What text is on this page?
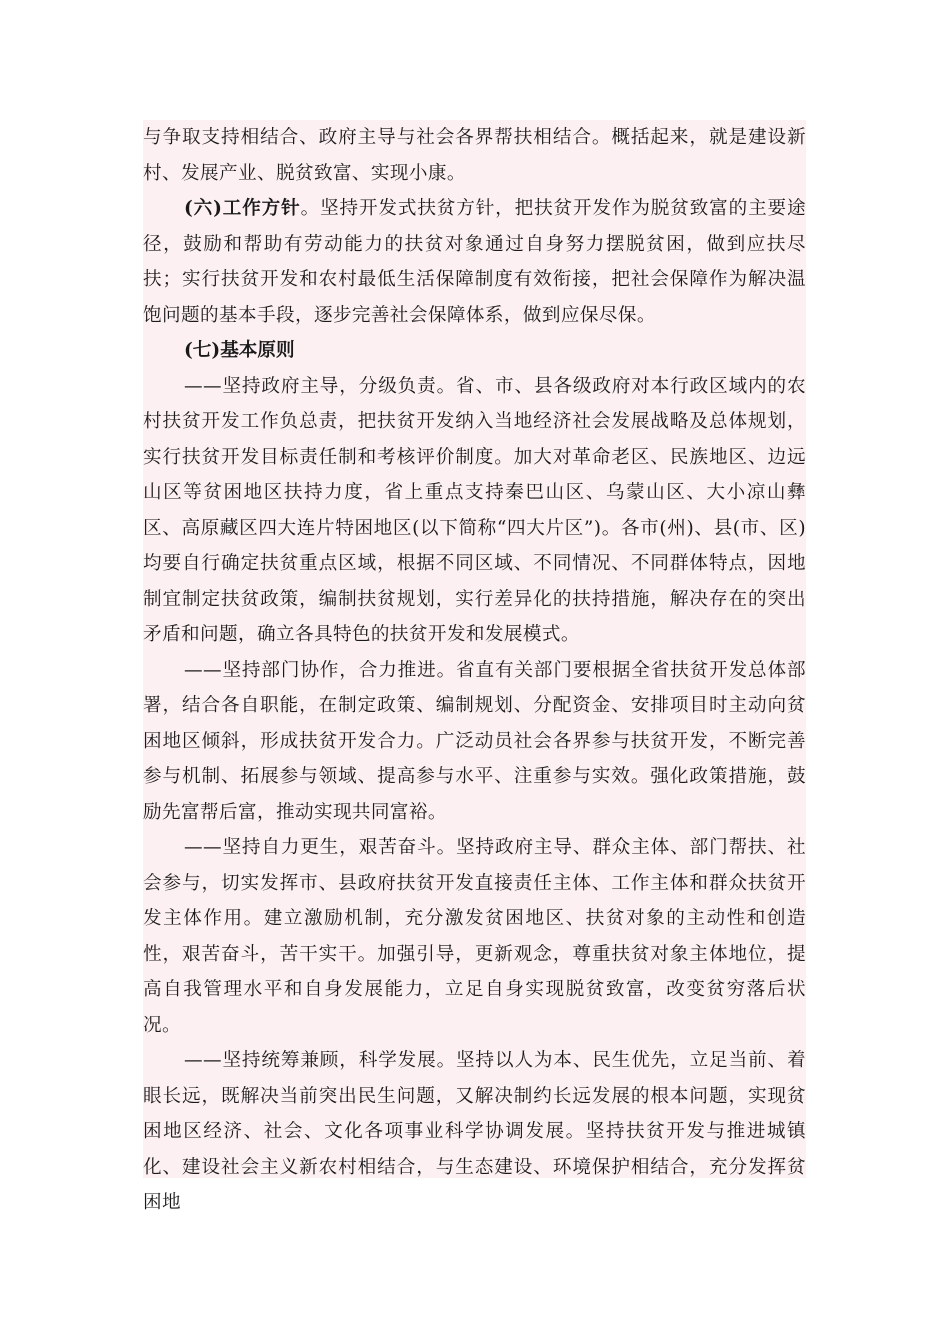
与争取支持相结合、政府主导与社会各界帮扶相结合。概括起来，就是建设新村、发展产业、脱贫致富、实现小康。

(六)工作方针。坚持开发式扶贫方针，把扶贫开发作为脱贫致富的主要途径，鼓励和帮助有劳动能力的扶贫对象通过自身努力摆脱贫困，做到应扶尽扶；实行扶贫开发和农村最低生活保障制度有效衔接，把社会保障作为解决温饱问题的基本手段，逐步完善社会保障体系，做到应保尽保。

(七)基本原则

——坚持政府主导，分级负责。省、市、县各级政府对本行政区域内的农村扶贫开发工作负总责，把扶贫开发纳入当地经济社会发展战略及总体规划，实行扶贫开发目标责任制和考核评价制度。加大对革命老区、民族地区、边远山区等贫困地区扶持力度，省上重点支持秦巴山区、乌蒙山区、大小凉山彝区、高原藏区四大连片特困地区(以下简称“四大片区”)。各市(州)、县(市、区)均要自行确定扶贫重点区域，根据不同区域、不同情况、不同群体特点，因地制宜制定扶贫政策，编制扶贫规划，实行差异化的扶持措施，解决存在的突出矛盾和问题，确立各具特色的扶贫开发和发展模式。

——坚持部门协作，合力推进。省直有关部门要根据全省扶贫开发总体部署，结合各自职能，在制定政策、编制规划、分配资金、安排项目时主动向贫困地区倾斜，形成扶贫开发合力。广泛动员社会各界参与扶贫开发，不断完善参与机制、拓展参与领域、提高参与水平、注重参与实效。强化政策措施，鼓励先富帮后富，推动实现共同富裕。

——坚持自力更生，艰苦奋斗。坚持政府主导、群众主体、部门帮扶、社会参与，切实发挥市、县政府扶贫开发直接责任主体、工作主体和群众扶贫开发主体作用。建立激励机制，充分激发贫困地区、扶贫对象的主动性和创造性，艰苦奋斗，苦干实干。加强引导，更新观念，尊重扶贫对象主体地位，提高自我管理水平和自身发展能力，立足自身实现脱贫致富，改变贫穷落后状况。

——坚持统筹兼顾，科学发展。坚持以人为本、民生优先，立足当前、着眼长远，既解决当前突出民生问题，又解决制约长远发展的根本问题，实现贫困地区经济、社会、文化各项事业科学协调发展。坚持扶贫开发与推进城镇化、建设社会主义新农村相结合，与生态建设、环境保护相结合，充分发挥贫困地
